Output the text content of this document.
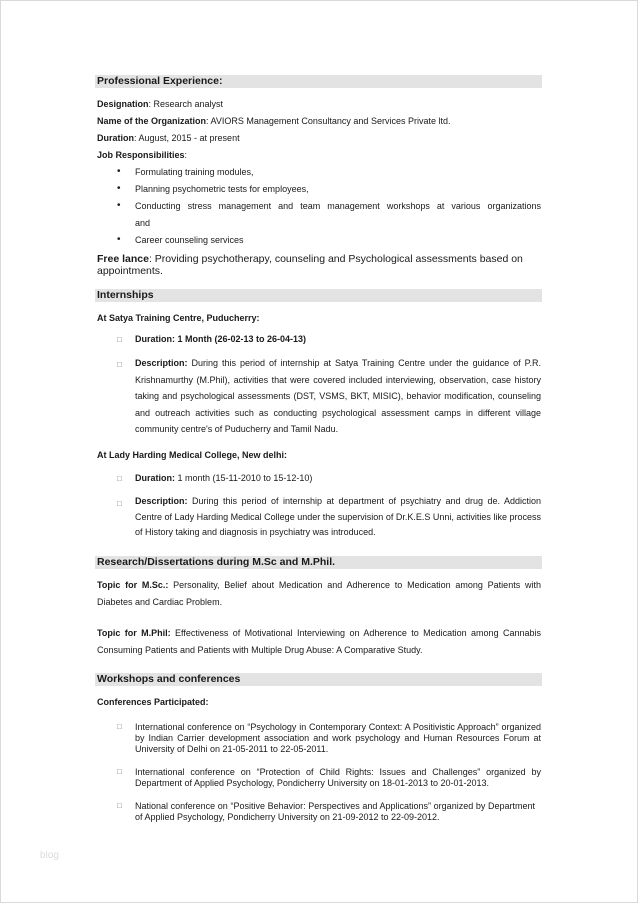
Professional Experience:
Designation: Research analyst
Name of the Organization: AVIORS Management Consultancy and Services Private ltd.
Duration: August, 2015 - at present
Job Responsibilities:
• Formulating training modules,
• Planning psychometric tests for employees,
• Conducting stress management and team management workshops at various organizations
and
• Career counseling services
Free lance: Providing psychotherapy, counseling and Psychological assessments based on
appointments.
Internships
At Satya Training Centre, Puducherry:
□ Duration: 1 Month (26-02-13 to 26-04-13)
□ Description: During this period of internship at Satya Training Centre under the guidance of P.R. Krishnamurthy (M.Phil), activities that were covered included interviewing, observation, case history taking and psychological assessments (DST, VSMS, BKT, MISIC), behavior modification, counseling and outreach activities such as conducting psychological assessment camps in different village community centre's of Puducherry and Tamil Nadu.
At Lady Harding Medical College, New delhi:
□ Duration: 1 month (15-11-2010 to 15-12-10)
□ Description: During this period of internship at department of psychiatry and drug de. Addiction Centre of Lady Harding Medical College under the supervision of Dr.K.E.S Unni, activities like process of History taking and diagnosis in psychiatry was introduced.
Research/Dissertations during M.Sc and M.Phil.
Topic for M.Sc.: Personality, Belief about Medication and Adherence to Medication among Patients with Diabetes and Cardiac Problem.
Topic for M.Phil: Effectiveness of Motivational Interviewing on Adherence to Medication among Cannabis Consuming Patients and Patients with Multiple Drug Abuse: A Comparative Study.
Workshops and conferences
Conferences Participated:
□ International conference on “Psychology in Contemporary Context: A Positivistic Approach” organized by Indian Carrier development association and work psychology and Human Resources Forum at University of Delhi on 21-05-2011 to 22-05-2011.
□ International conference on “Protection of Child Rights: Issues and Challenges” organized by Department of Applied Psychology, Pondicherry University on 18-01-2013 to 20-01-2013.
□ National conference on “Positive Behavior: Perspectives and Applications” organized by Department of Applied Psychology, Pondicherry University on 21-09-2012 to 22-09-2012.
blog
